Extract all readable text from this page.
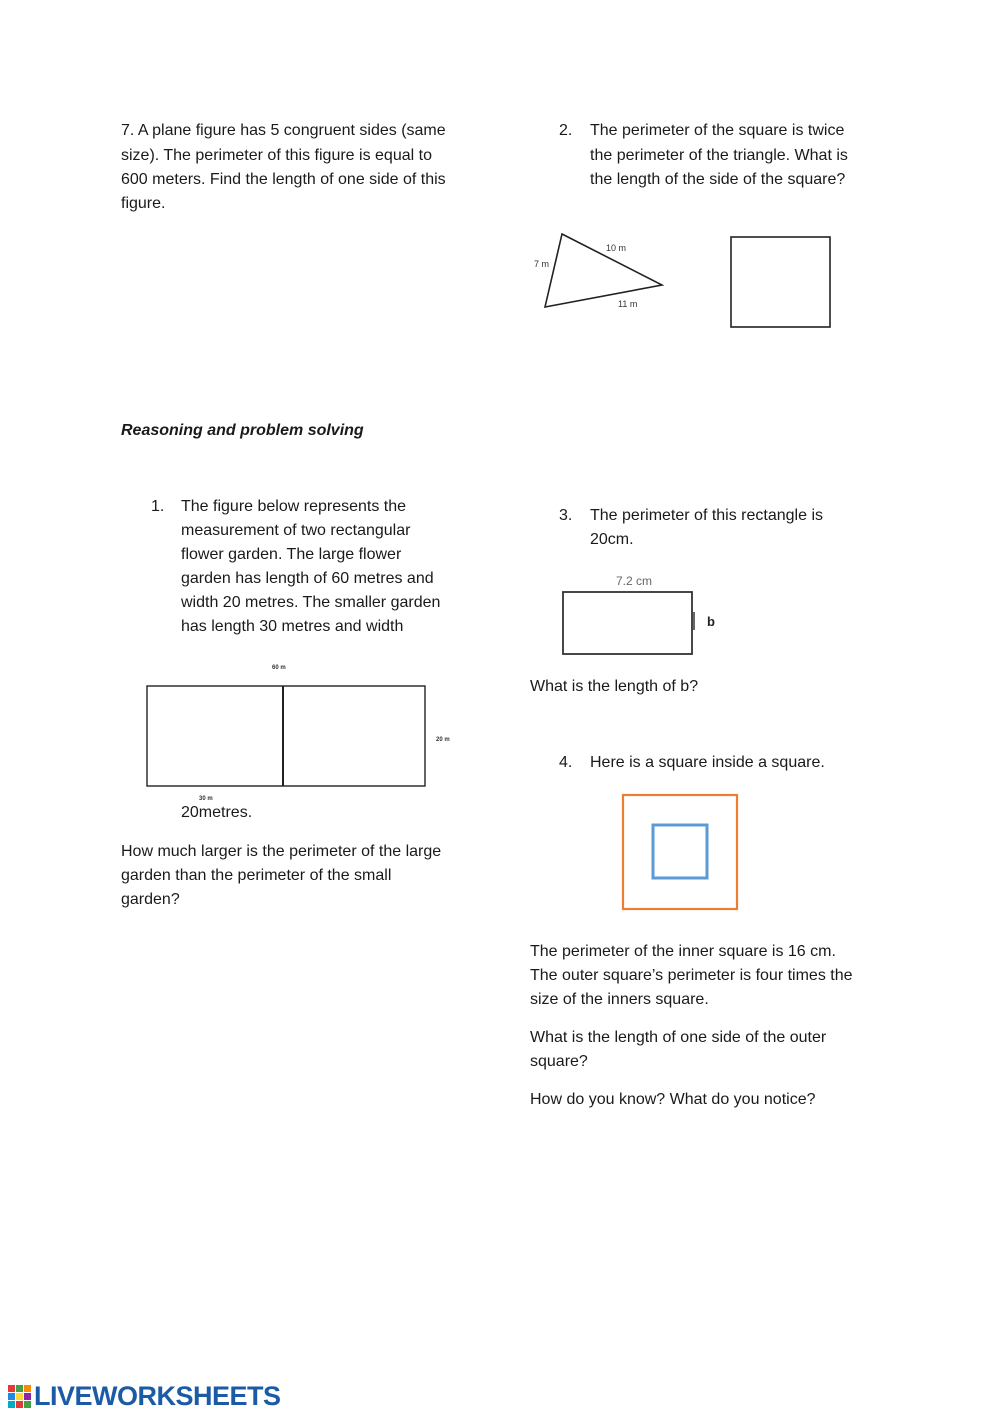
7. A plane figure has 5 congruent sides (same

size). The perimeter of this figure is equal to

600 meters. Find the length of one side of this

figure.

2. The perimeter of the square is twice

the perimeter of the triangle. What is

the length of the side of the square?

7 m
10 m
11 m

Reasoning and problem solving

1. The figure below represents the

measurement of two rectangular

flower garden. The large flower

garden has length of 60 metres and

width 20 metres. The smaller garden

has length 30 metres and width

60 m
20 m
30 m

20metres.

How much larger is the perimeter of the large

garden than the perimeter of the small

garden?

3. The perimeter of this rectangle is

20cm.

7.2 cm
b

What is the length of b?

4. Here is a square inside a square.

The perimeter of the inner square is 16 cm.

The outer square’s perimeter is four times the

size of the inners square.

What is the length of one side of the outer

square?

How do you know? What do you notice?

LIVEWORKSHEETS
